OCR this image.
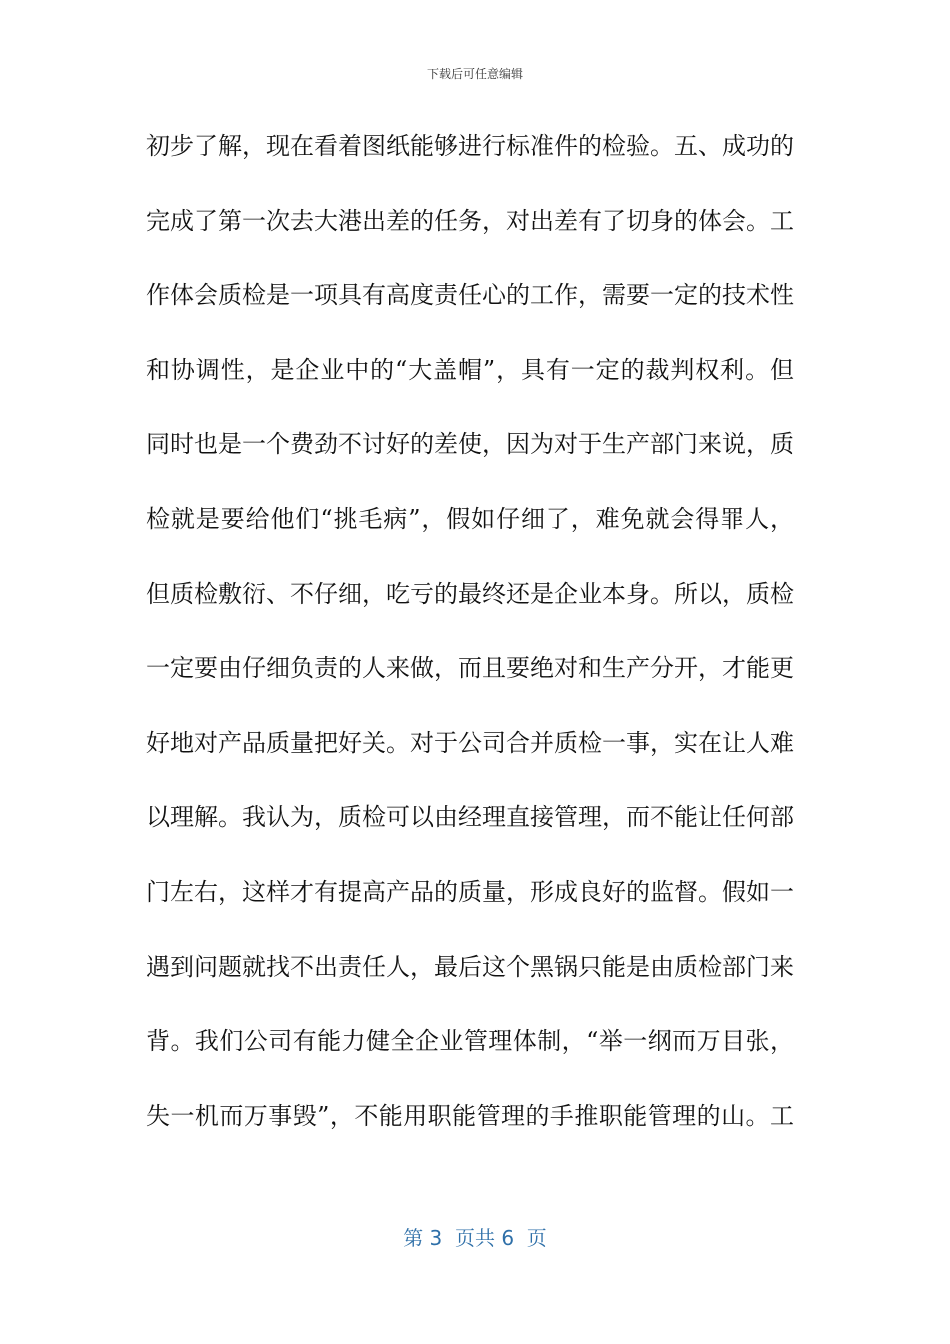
下载后可任意编辑
初步了解，现在看着图纸能够进行标准件的检验。五、成功的
完成了第一次去大港出差的任务，对出差有了切身的体会。工
作体会质检是一项具有高度责任心的工作，需要一定的技术性
和协调性，是企业中的“大盖帽”，具有一定的裁判权利。但
同时也是一个费劲不讨好的差使，因为对于生产部门来说，质
检就是要给他们“挑毛病”，假如仔细了，难免就会得罪人，
但质检敷衍、不仔细，吃亏的最终还是企业本身。所以，质检
一定要由仔细负责的人来做，而且要绝对和生产分开，才能更
好地对产品质量把好关。对于公司合并质检一事，实在让人难
以理解。我认为，质检可以由经理直接管理，而不能让任何部
门左右，这样才有提高产品的质量，形成良好的监督。假如一
遇到问题就找不出责任人，最后这个黑锅只能是由质检部门来
背。我们公司有能力健全企业管理体制，“举一纲而万目张，
失一机而万事毁”，不能用职能管理的手推职能管理的山。工
第 3  页共 6  页
